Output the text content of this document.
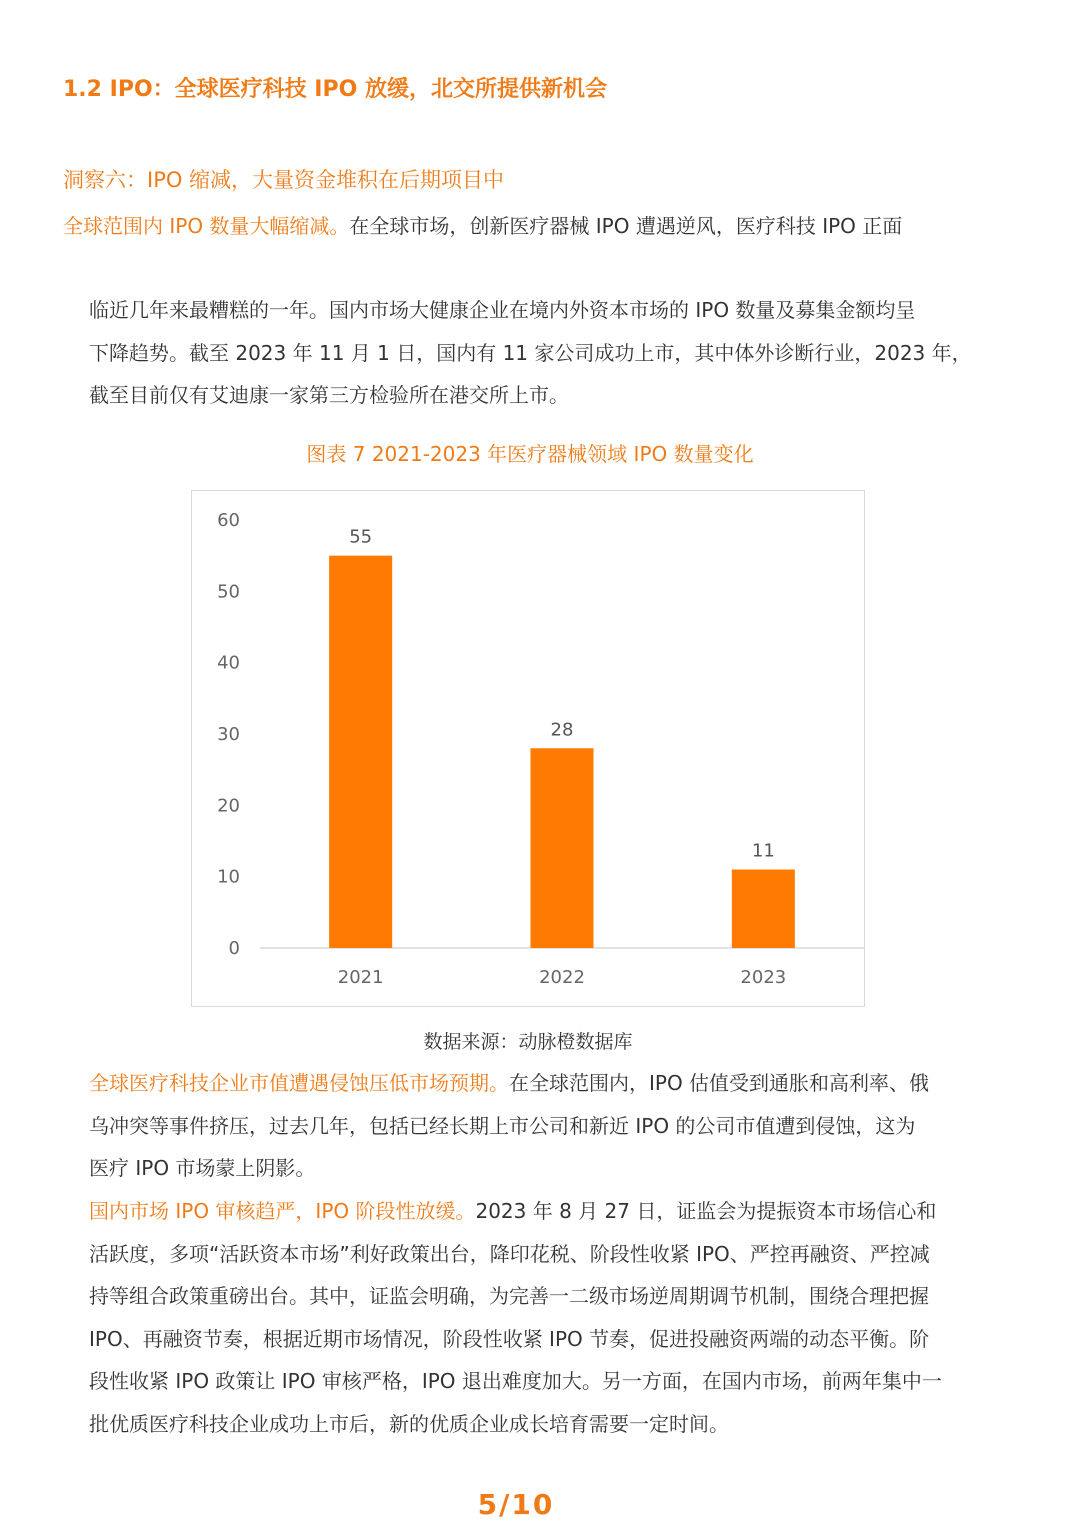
1.2 IPO：全球医疗科技 IPO 放缓，北交所提供新机会
洞察六：IPO 缩减，大量资金堆积在后期项目中
全球范围内 IPO 数量大幅缩减。在全球市场，创新医疗器械 IPO 遭遇逆风，医疗科技 IPO 正面
临近几年来最糟糕的一年。国内市场大健康企业在境内外资本市场的 IPO 数量及募集金额均呈
下降趋势。截至 2023 年 11 月 1 日，国内有 11 家公司成功上市，其中体外诊断行业，2023 年，
截至目前仅有艾迪康一家第三方检验所在港交所上市。
图表 7 2021-2023 年医疗器械领域 IPO 数量变化
0
10
20
30
40
50
60
55
2021
28
2022
11
2023
数据来源：动脉橙数据库
全球医疗科技企业市值遭遇侵蚀压低市场预期。在全球范围内，IPO 估值受到通胀和高利率、俄
乌冲突等事件挤压，过去几年，包括已经长期上市公司和新近 IPO 的公司市值遭到侵蚀，这为
医疗 IPO 市场蒙上阴影。
国内市场 IPO 审核趋严，IPO 阶段性放缓。2023 年 8 月 27 日，证监会为提振资本市场信心和
活跃度，多项“活跃资本市场”利好政策出台，降印花税、阶段性收紧 IPO、严控再融资、严控减
持等组合政策重磅出台。其中，证监会明确，为完善一二级市场逆周期调节机制，围绕合理把握
IPO、再融资节奏，根据近期市场情况，阶段性收紧 IPO 节奏，促进投融资两端的动态平衡。阶
段性收紧 IPO 政策让 IPO 审核严格，IPO 退出难度加大。另一方面，在国内市场，前两年集中一
批优质医疗科技企业成功上市后，新的优质企业成长培育需要一定时间。
5/10
